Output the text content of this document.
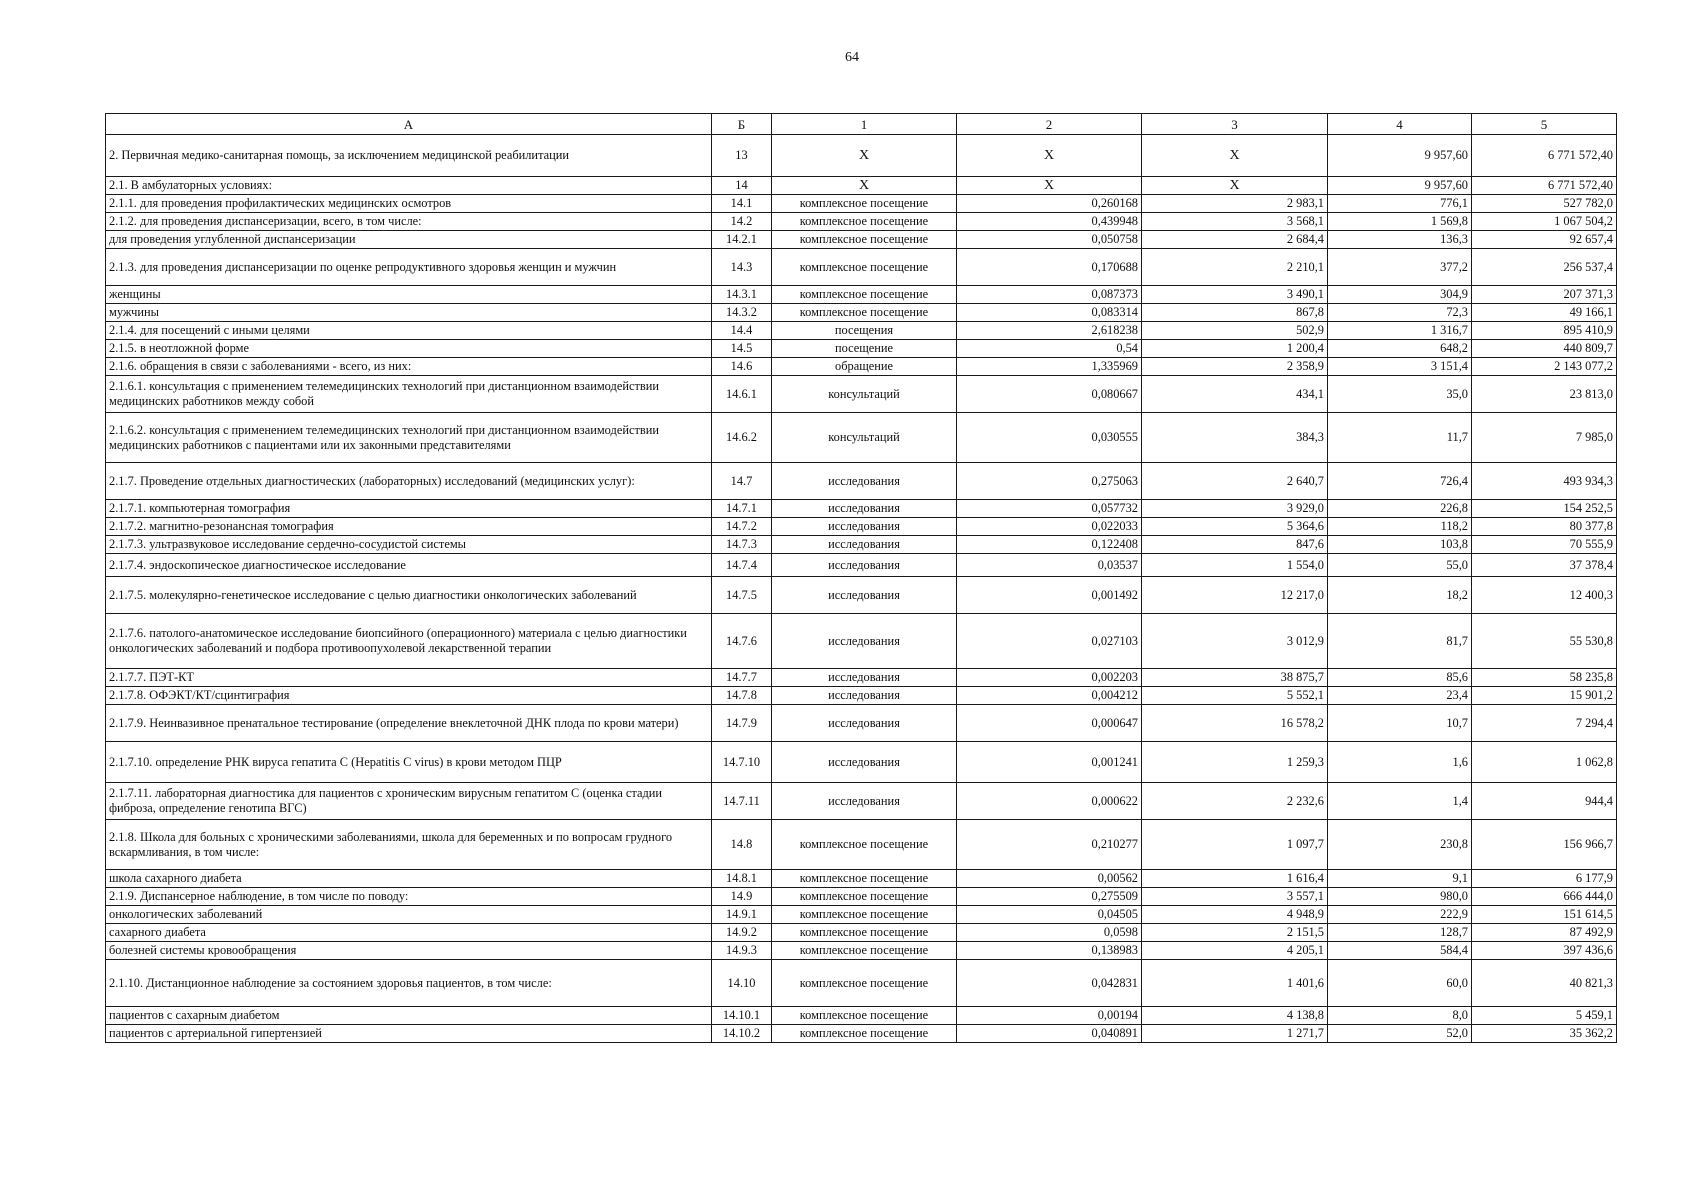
64
А	Б	1	2	3	4	5
2. Первичная медико-санитарная помощь, за исключением медицинской реабилитации	13	Х	Х	Х	9 957,60	6 771 572,40
2.1. В амбулаторных условиях:	14	Х	Х	Х	9 957,60	6 771 572,40
2.1.1. для проведения профилактических медицинских осмотров	14.1	комплексное посещение	0,260168	2 983,1	776,1	527 782,0
2.1.2. для проведения диспансеризации, всего, в том числе:	14.2	комплексное посещение	0,439948	3 568,1	1 569,8	1 067 504,2
для проведения углубленной диспансеризации	14.2.1	комплексное посещение	0,050758	2 684,4	136,3	92 657,4
2.1.3. для проведения диспансеризации по оценке репродуктивного здоровья женщин и мужчин	14.3	комплексное посещение	0,170688	2 210,1	377,2	256 537,4
женщины	14.3.1	комплексное посещение	0,087373	3 490,1	304,9	207 371,3
мужчины	14.3.2	комплексное посещение	0,083314	867,8	72,3	49 166,1
2.1.4. для посещений с иными целями	14.4	посещения	2,618238	502,9	1 316,7	895 410,9
2.1.5. в неотложной форме	14.5	посещение	0,54	1 200,4	648,2	440 809,7
2.1.6. обращения в связи с заболеваниями - всего, из них:	14.6	обращение	1,335969	2 358,9	3 151,4	2 143 077,2
2.1.6.1. консультация с применением телемедицинских технологий при дистанционном взаимодействии медицинских работников между собой	14.6.1	консультаций	0,080667	434,1	35,0	23 813,0
2.1.6.2. консультация с применением телемедицинских технологий при дистанционном взаимодействии медицинских работников с пациентами или их законными представителями	14.6.2	консультаций	0,030555	384,3	11,7	7 985,0
2.1.7. Проведение отдельных диагностических (лабораторных) исследований (медицинских услуг):	14.7	исследования	0,275063	2 640,7	726,4	493 934,3
2.1.7.1. компьютерная томография	14.7.1	исследования	0,057732	3 929,0	226,8	154 252,5
2.1.7.2. магнитно-резонансная томография	14.7.2	исследования	0,022033	5 364,6	118,2	80 377,8
2.1.7.3. ультразвуковое исследование сердечно-сосудистой системы	14.7.3	исследования	0,122408	847,6	103,8	70 555,9
2.1.7.4. эндоскопическое диагностическое исследование	14.7.4	исследования	0,03537	1 554,0	55,0	37 378,4
2.1.7.5. молекулярно-генетическое исследование с целью диагностики онкологических заболеваний	14.7.5	исследования	0,001492	12 217,0	18,2	12 400,3
2.1.7.6. патолого-анатомическое исследование биопсийного (операционного) материала с целью диагностики онкологических заболеваний и подбора противоопухолевой лекарственной терапии	14.7.6	исследования	0,027103	3 012,9	81,7	55 530,8
2.1.7.7. ПЭТ-КТ	14.7.7	исследования	0,002203	38 875,7	85,6	58 235,8
2.1.7.8. ОФЭКТ/КТ/сцинтиграфия	14.7.8	исследования	0,004212	5 552,1	23,4	15 901,2
2.1.7.9. Неинвазивное пренатальное тестирование (определение внеклеточной ДНК плода по крови матери)	14.7.9	исследования	0,000647	16 578,2	10,7	7 294,4
2.1.7.10. определение РНК вируса гепатита С (Hepatitis C virus) в крови методом ПЦР	14.7.10	исследования	0,001241	1 259,3	1,6	1 062,8
2.1.7.11. лабораторная диагностика для пациентов с хроническим вирусным гепатитом С (оценка стадии фиброза, определение генотипа ВГС)	14.7.11	исследования	0,000622	2 232,6	1,4	944,4
2.1.8. Школа для больных с хроническими заболеваниями, школа для беременных и по вопросам грудного вскармливания, в том числе:	14.8	комплексное посещение	0,210277	1 097,7	230,8	156 966,7
школа сахарного диабета	14.8.1	комплексное посещение	0,00562	1 616,4	9,1	6 177,9
2.1.9. Диспансерное наблюдение, в том числе по поводу:	14.9	комплексное посещение	0,275509	3 557,1	980,0	666 444,0
онкологических заболеваний	14.9.1	комплексное посещение	0,04505	4 948,9	222,9	151 614,5
сахарного диабета	14.9.2	комплексное посещение	0,0598	2 151,5	128,7	87 492,9
болезней системы кровообращения	14.9.3	комплексное посещение	0,138983	4 205,1	584,4	397 436,6
2.1.10. Дистанционное наблюдение за состоянием здоровья пациентов, в том числе:	14.10	комплексное посещение	0,042831	1 401,6	60,0	40 821,3
пациентов с сахарным диабетом	14.10.1	комплексное посещение	0,00194	4 138,8	8,0	5 459,1
пациентов с артериальной гипертензией	14.10.2	комплексное посещение	0,040891	1 271,7	52,0	35 362,2
